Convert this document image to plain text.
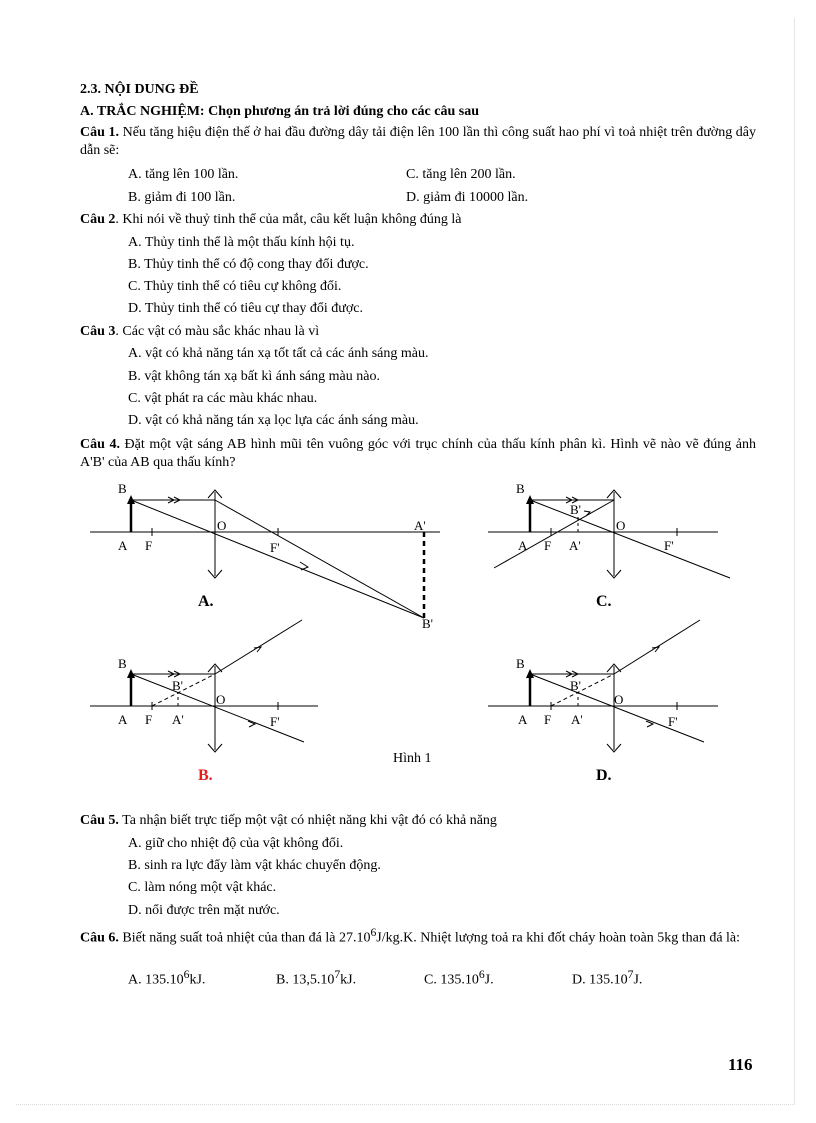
2.3. NỘI DUNG ĐỀ
A. TRẮC NGHIỆM: Chọn phương án trả lời đúng cho các câu sau
Câu 1. Nếu tăng hiệu điện thế ở hai đầu đường dây tải điện lên 100 lần thì công suất hao phí vì toả nhiệt trên đường dây dẫn sẽ:
A. tăng lên 100 lần.	C. tăng lên 200 lần.
B. giảm đi 100 lần.	D. giảm đi 10000 lần.
Câu 2. Khi nói về thuỷ tinh thể của mắt, câu kết luận không đúng là
A. Thủy tinh thể là một thấu kính hội tụ.
B. Thủy tinh thể có độ cong thay đổi được.
C. Thủy tinh thể có tiêu cự không đổi.
D. Thủy tinh thể có tiêu cự thay đổi được.
Câu 3. Các vật có màu sắc khác nhau là vì
A. vật có khả năng tán xạ tốt tất cả các ánh sáng màu.
B. vật không tán xạ bất kì ánh sáng màu nào.
C. vật phát ra các màu khác nhau.
D. vật có khả năng tán xạ lọc lựa các ánh sáng màu.
Câu 4. Đặt một vật sáng AB hình mũi tên vuông góc với trục chính của thấu kính phân kì. Hình vẽ nào vẽ đúng ảnh A'B' của AB qua thấu kính?
B
A F
O
F'
A'
B'
B
A F
B'
O
A'	F'
B
A F
B'
O
A'	F'
B
A F
B'
O
A'	F'
A.	C.
B.	D.
Hình 1
Câu 5. Ta nhận biết trực tiếp một vật có nhiệt năng khi vật đó có khả năng
A. giữ cho nhiệt độ của vật không đổi.
B. sinh ra lực đẩy làm vật khác chuyển động.
C. làm nóng một vật khác.
D. nổi được trên mặt nước.
Câu 6. Biết năng suất toả nhiệt của than đá là 27.10$^6$J/kg.K. Nhiệt lượng toả ra khi đốt cháy hoàn toàn 5kg than đá là:
A. 135.10$^6$kJ.	B. 13,5.10$^7$kJ.	C. 135.10$^6$J.	D. 135.10$^7$J.
116
